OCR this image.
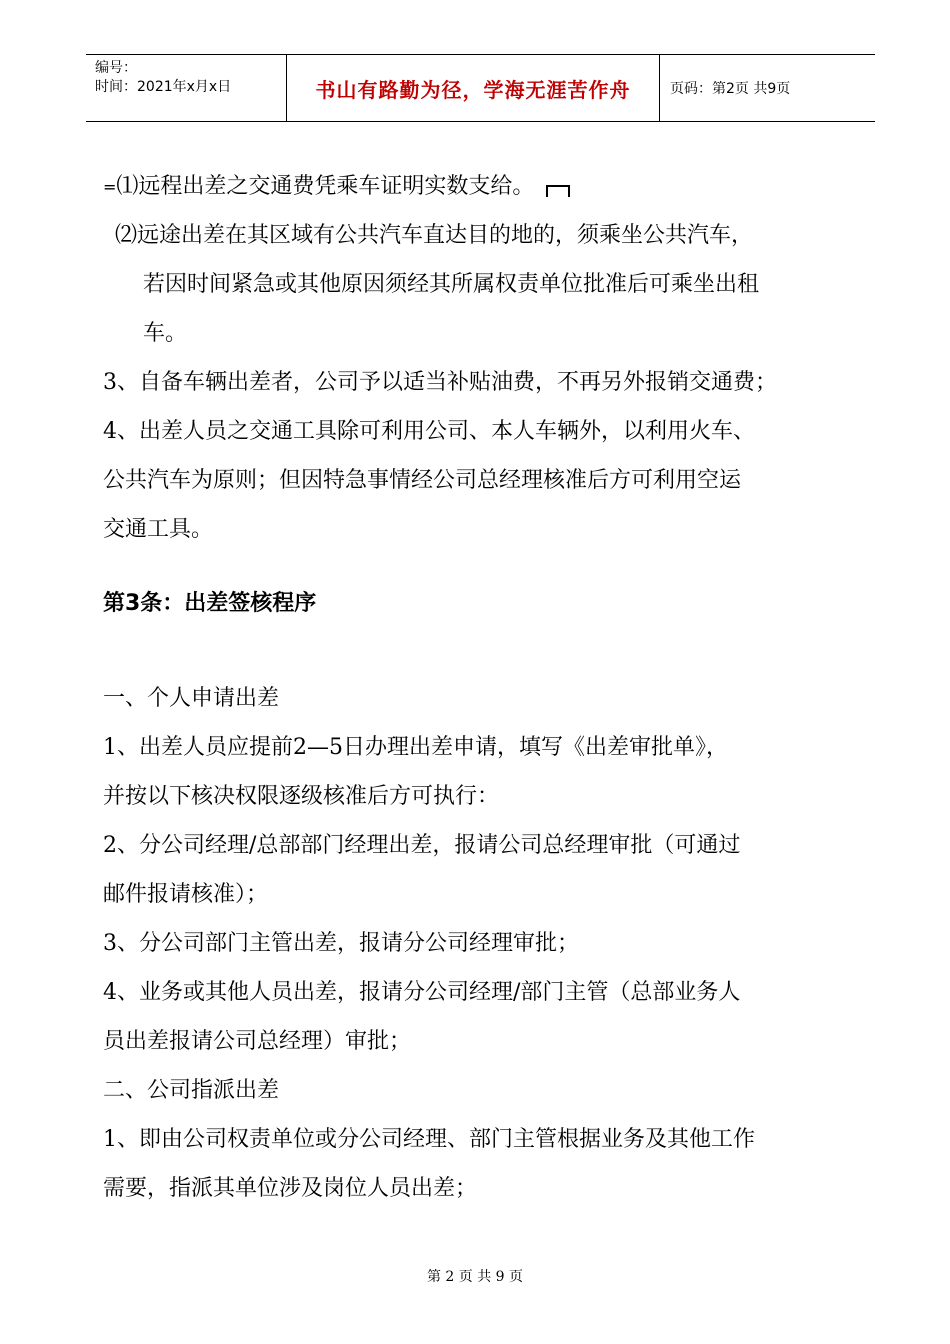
编号：
时间：2021年x月x日	书山有路勤为径，学海无涯苦作舟	页码：第2页 共9页
=⑴远程出差之交通费凭乘车证明实数支给。
⑵远途出差在其区域有公共汽车直达目的地的，须乘坐公共汽车，
若因时间紧急或其他原因须经其所属权责单位批准后可乘坐出租
车。
3、自备车辆出差者，公司予以适当补贴油费，不再另外报销交通费；
4、出差人员之交通工具除可利用公司、本人车辆外，以利用火车、
公共汽车为原则；但因特急事情经公司总经理核准后方可利用空运
交通工具。
第3条：出差签核程序
一、个人申请出差
1、出差人员应提前2—5日办理出差申请，填写《出差审批单》，
并按以下核决权限逐级核准后方可执行：
2、分公司经理/总部部门经理出差，报请公司总经理审批（可通过
邮件报请核准）；
3、分公司部门主管出差，报请分公司经理审批；
4、业务或其他人员出差，报请分公司经理/部门主管（总部业务人
员出差报请公司总经理）审批；
二、公司指派出差
1、即由公司权责单位或分公司经理、部门主管根据业务及其他工作
需要，指派其单位涉及岗位人员出差；
第 2 页 共 9 页
